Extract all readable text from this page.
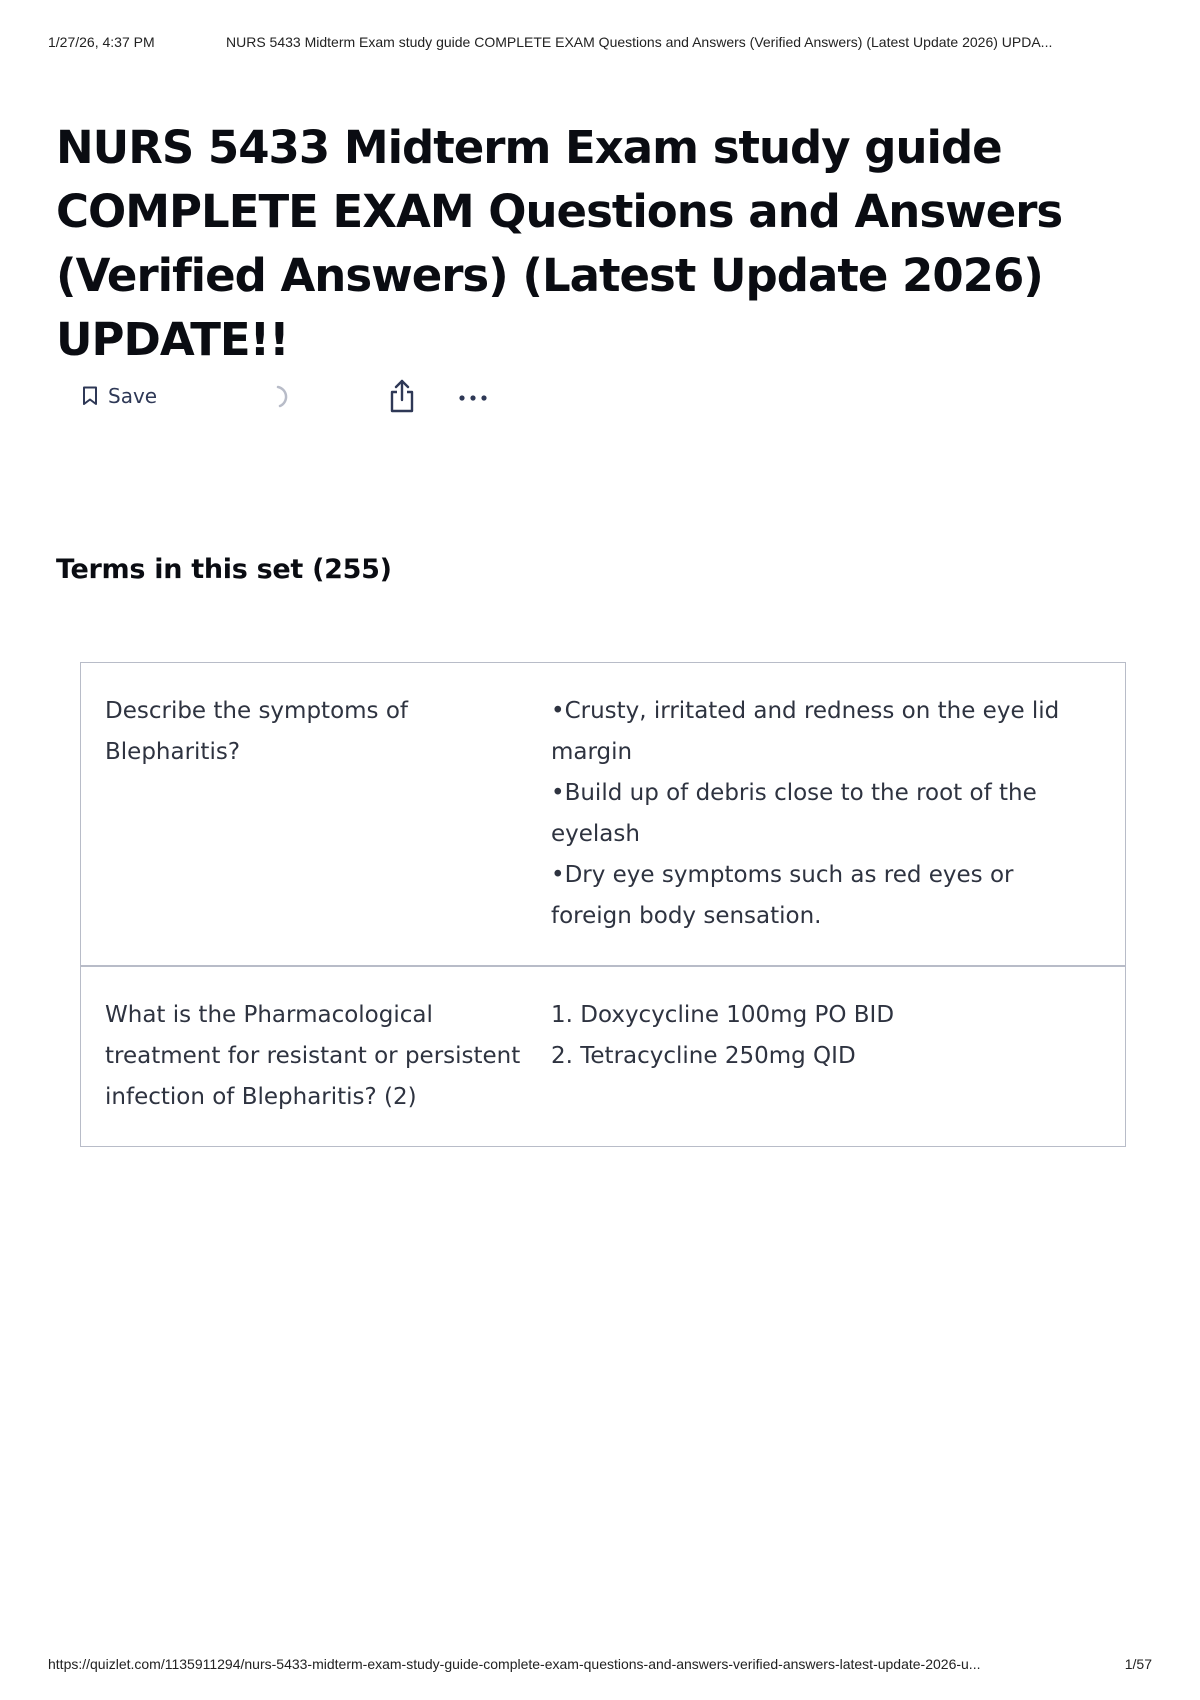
1/27/26, 4:37 PM	NURS 5433 Midterm Exam study guide COMPLETE EXAM Questions and Answers (Verified Answers) (Latest Update 2026) UPDA...
NURS 5433 Midterm Exam study guide COMPLETE EXAM Questions and Answers (Verified Answers) (Latest Update 2026) UPDATE!!
Save
Terms in this set (255)
Describe the symptoms of Blepharitis?
•Crusty, irritated and redness on the eye lid margin
•Build up of debris close to the root of the eyelash
•Dry eye symptoms such as red eyes or foreign body sensation.
What is the Pharmacological treatment for resistant or persistent infection of Blepharitis? (2)
1. Doxycycline 100mg PO BID
2. Tetracycline 250mg QID
https://quizlet.com/1135911294/nurs-5433-midterm-exam-study-guide-complete-exam-questions-and-answers-verified-answers-latest-update-2026-u...	1/57
